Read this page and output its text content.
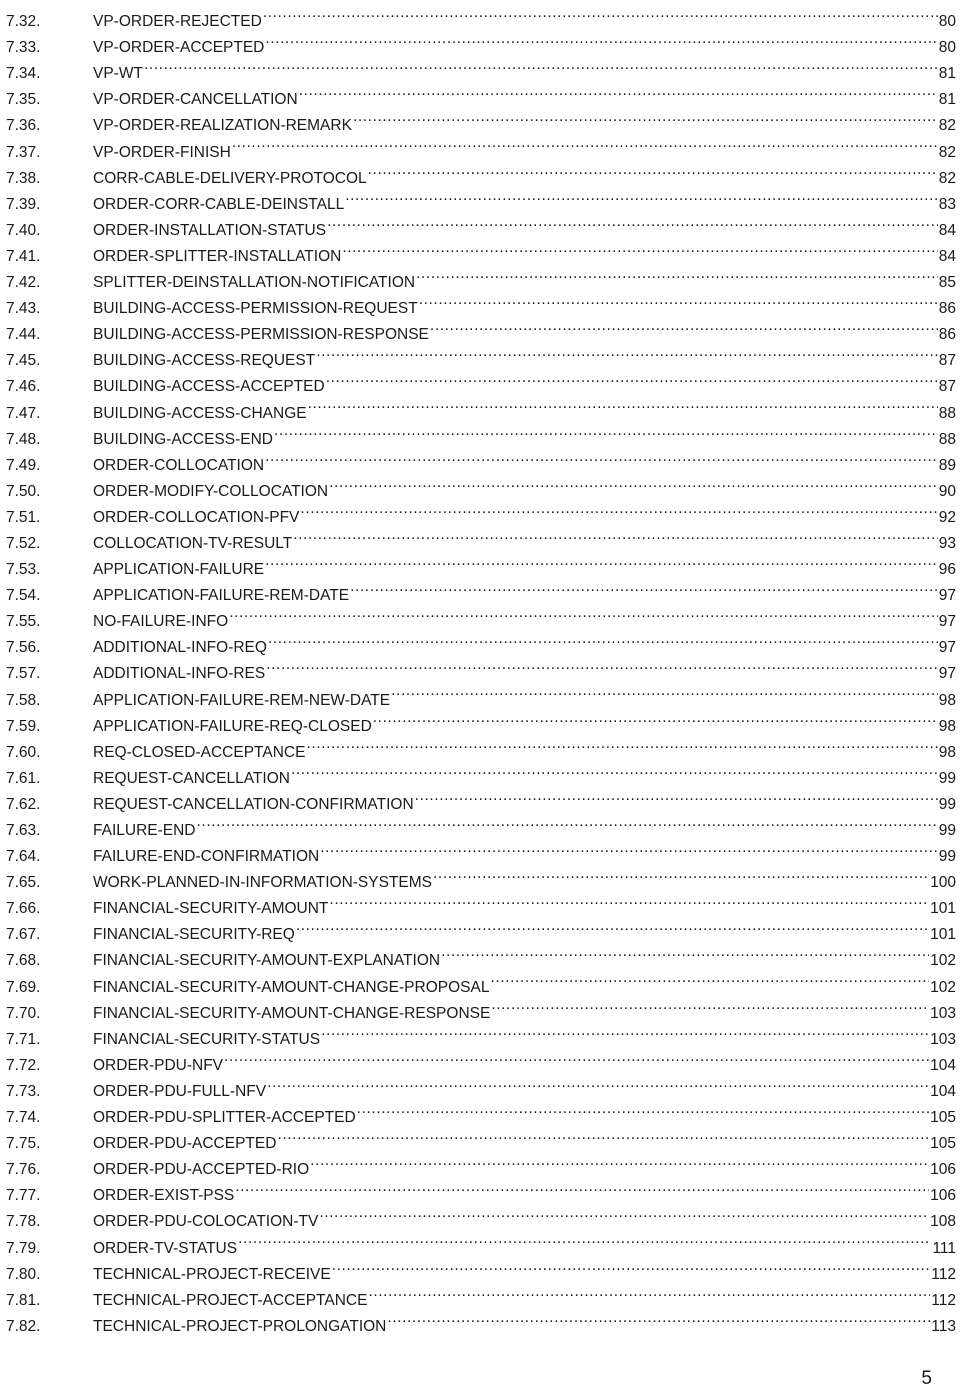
7.32.	VP-ORDER-REJECTED .....	80
7.33.	VP-ORDER-ACCEPTED .....	80
7.34.	VP-WT .....	81
7.35.	VP-ORDER-CANCELLATION .....	81
7.36.	VP-ORDER-REALIZATION-REMARK .....	82
7.37.	VP-ORDER-FINISH .....	82
7.38.	CORR-CABLE-DELIVERY-PROTOCOL .....	82
7.39.	ORDER-CORR-CABLE-DEINSTALL .....	83
7.40.	ORDER-INSTALLATION-STATUS .....	84
7.41.	ORDER-SPLITTER-INSTALLATION .....	84
7.42.	SPLITTER-DEINSTALLATION-NOTIFICATION .....	85
7.43.	BUILDING-ACCESS-PERMISSION-REQUEST .....	86
7.44.	BUILDING-ACCESS-PERMISSION-RESPONSE .....	86
7.45.	BUILDING-ACCESS-REQUEST .....	87
7.46.	BUILDING-ACCESS-ACCEPTED .....	87
7.47.	BUILDING-ACCESS-CHANGE .....	88
7.48.	BUILDING-ACCESS-END .....	88
7.49.	ORDER-COLLOCATION .....	89
7.50.	ORDER-MODIFY-COLLOCATION .....	90
7.51.	ORDER-COLLOCATION-PFV .....	92
7.52.	COLLOCATION-TV-RESULT .....	93
7.53.	APPLICATION-FAILURE .....	96
7.54.	APPLICATION-FAILURE-REM-DATE .....	97
7.55.	NO-FAILURE-INFO .....	97
7.56.	ADDITIONAL-INFO-REQ .....	97
7.57.	ADDITIONAL-INFO-RES .....	97
7.58.	APPLICATION-FAILURE-REM-NEW-DATE .....	98
7.59.	APPLICATION-FAILURE-REQ-CLOSED .....	98
7.60.	REQ-CLOSED-ACCEPTANCE .....	98
7.61.	REQUEST-CANCELLATION .....	99
7.62.	REQUEST-CANCELLATION-CONFIRMATION .....	99
7.63.	FAILURE-END .....	99
7.64.	FAILURE-END-CONFIRMATION .....	99
7.65.	WORK-PLANNED-IN-INFORMATION-SYSTEMS .....	100
7.66.	FINANCIAL-SECURITY-AMOUNT .....	101
7.67.	FINANCIAL-SECURITY-REQ .....	101
7.68.	FINANCIAL-SECURITY-AMOUNT-EXPLANATION .....	102
7.69.	FINANCIAL-SECURITY-AMOUNT-CHANGE-PROPOSAL .....	102
7.70.	FINANCIAL-SECURITY-AMOUNT-CHANGE-RESPONSE .....	103
7.71.	FINANCIAL-SECURITY-STATUS .....	103
7.72.	ORDER-PDU-NFV .....	104
7.73.	ORDER-PDU-FULL-NFV .....	104
7.74.	ORDER-PDU-SPLITTER-ACCEPTED .....	105
7.75.	ORDER-PDU-ACCEPTED .....	105
7.76.	ORDER-PDU-ACCEPTED-RIO .....	106
7.77.	ORDER-EXIST-PSS .....	106
7.78.	ORDER-PDU-COLOCATION-TV .....	108
7.79.	ORDER-TV-STATUS .....	111
7.80.	TECHNICAL-PROJECT-RECEIVE .....	112
7.81.	TECHNICAL-PROJECT-ACCEPTANCE .....	112
7.82.	TECHNICAL-PROJECT-PROLONGATION .....	113
5
